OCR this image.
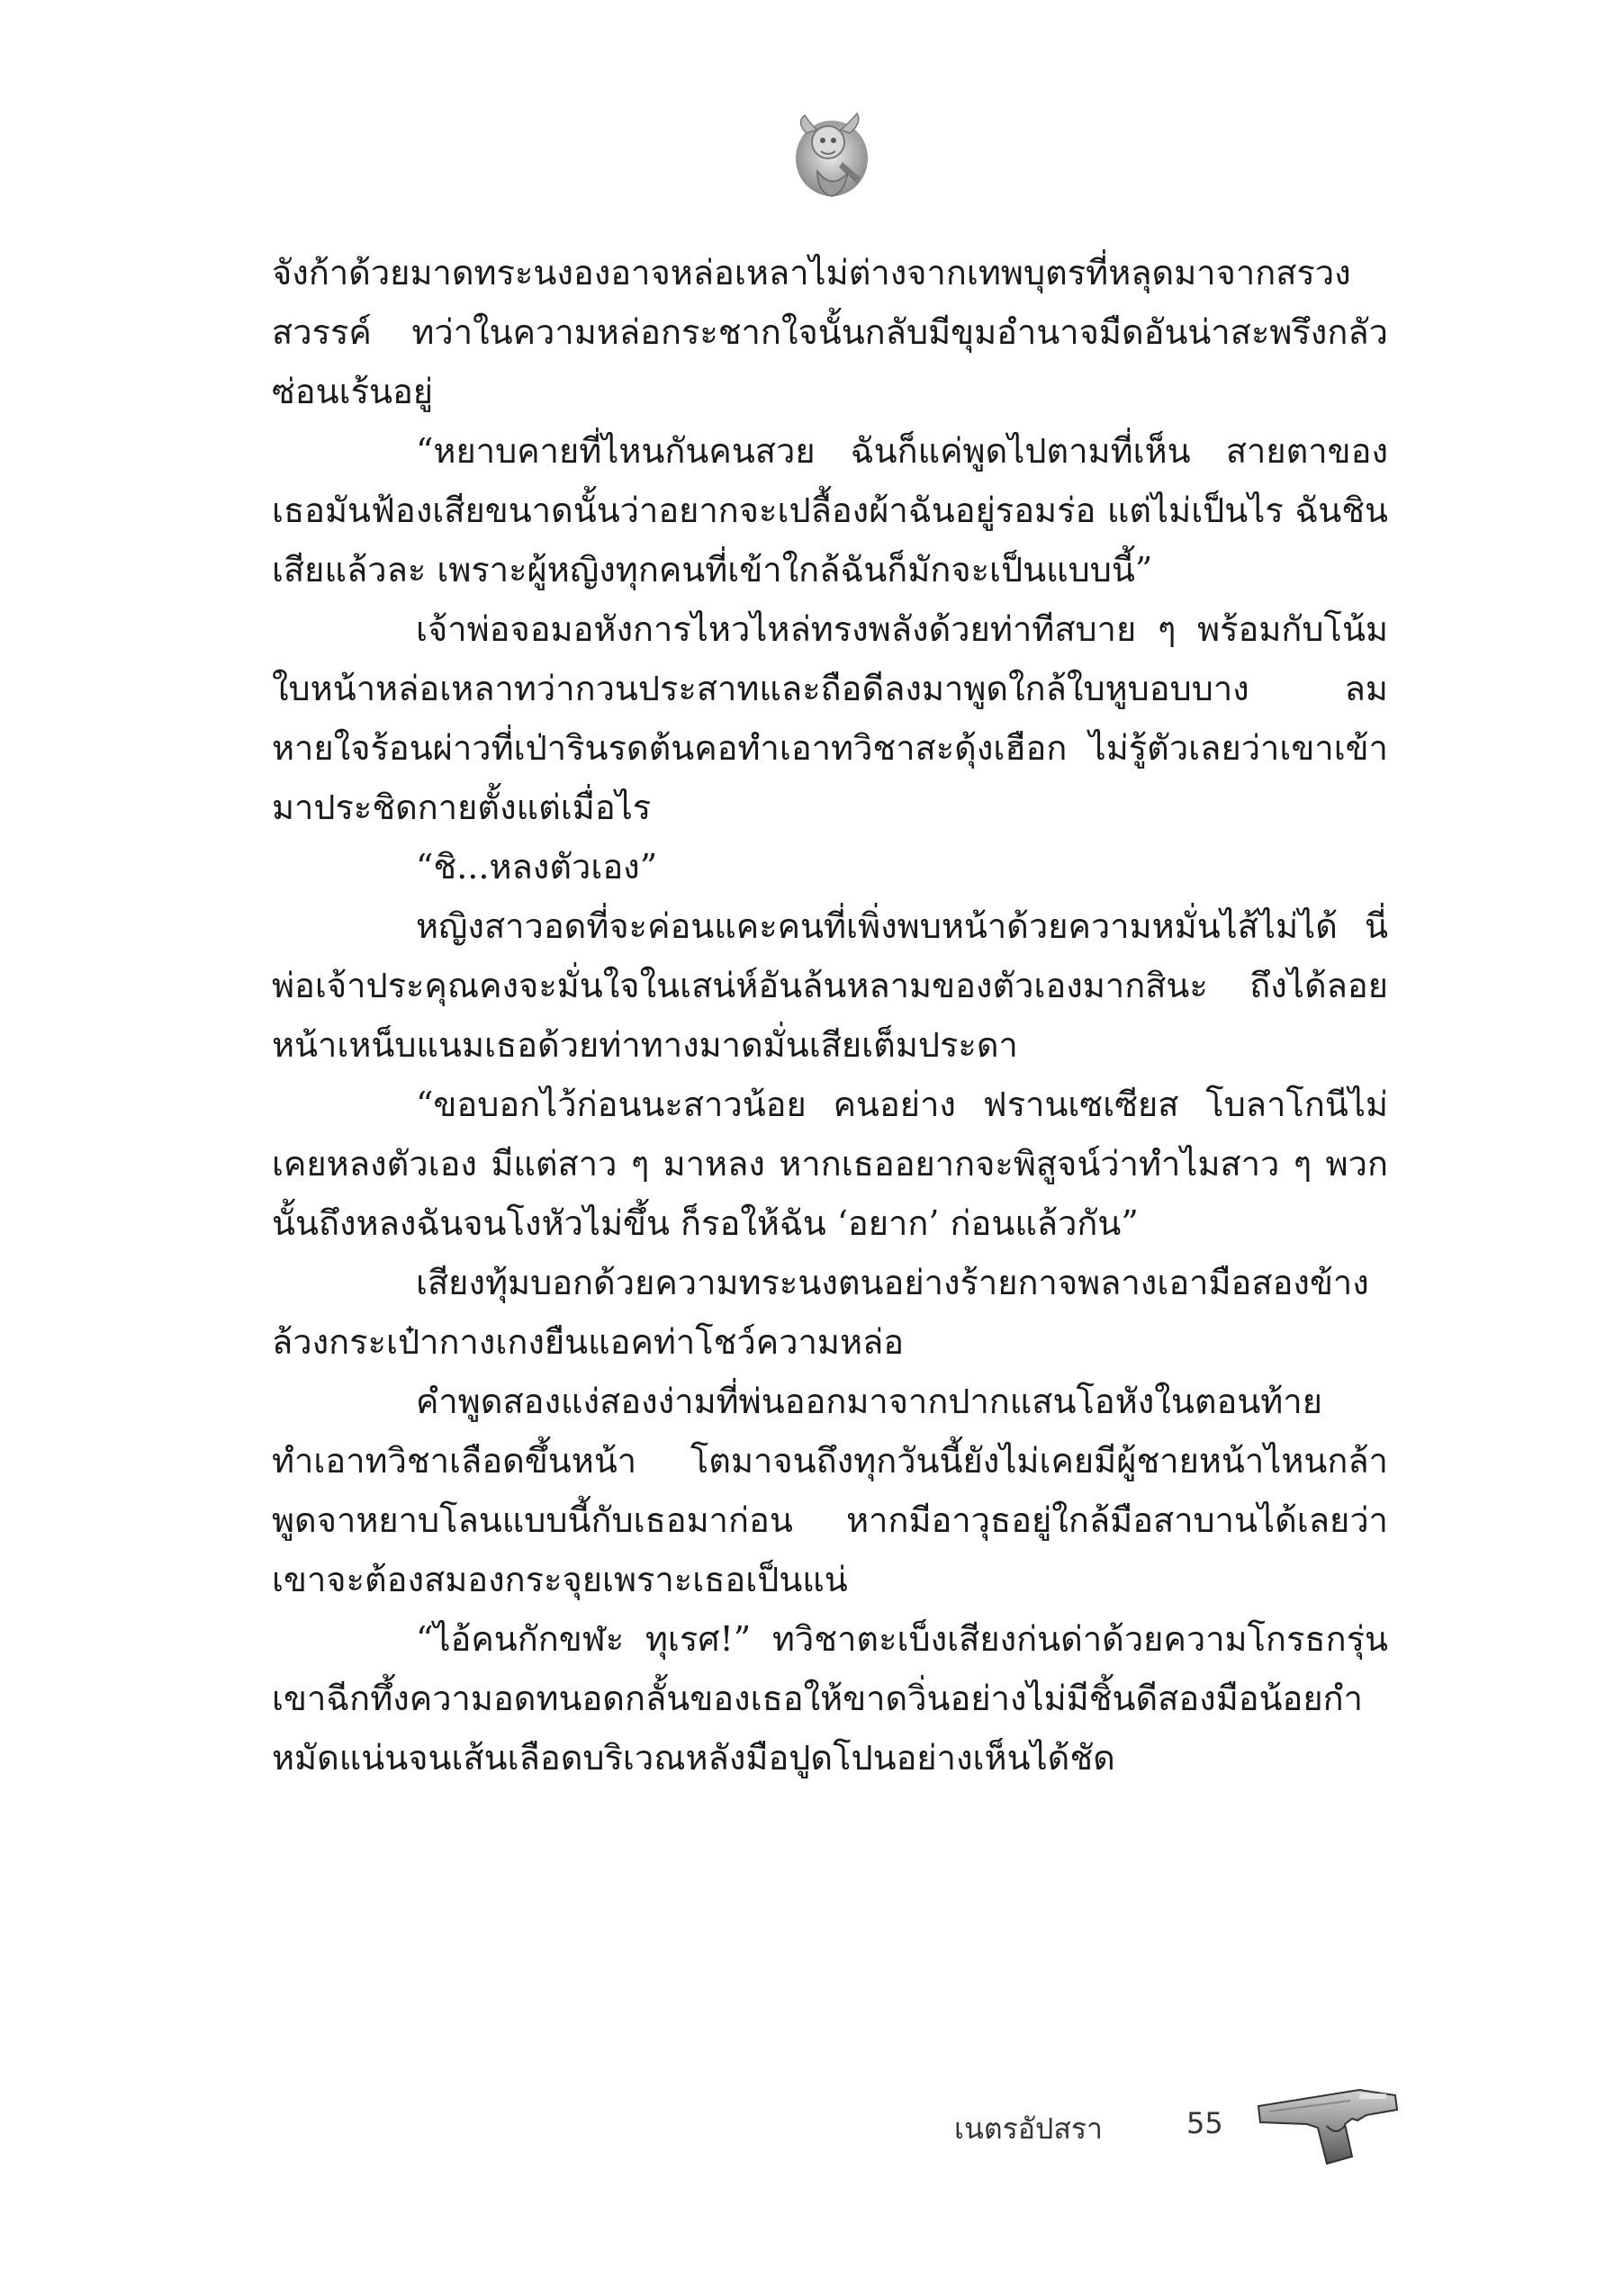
จังก้าด้วยมาดทระนงองอาจหล่อเหลาไม่ต่างจากเทพบุตรที่หลุดมาจากสรวงสวรรค์ ทว่าในความหล่อกระชากใจนั้นกลับมีขุมอำนาจมืดอันน่าสะพรึงกลัวซ่อนเร้นอยู่

“หยาบคายที่ไหนกันคนสวย ฉันก็แค่พูดไปตามที่เห็น สายตาของเธอมันฟ้องเสียขนาดนั้นว่าอยากจะเปลื้องผ้าฉันอยู่รอมร่อ แต่ไม่เป็นไร ฉันชินเสียแล้วละ เพราะผู้หญิงทุกคนที่เข้าใกล้ฉันก็มักจะเป็นแบบนี้”

เจ้าพ่อจอมอหังการไหวไหล่ทรงพลังด้วยท่าทีสบาย ๆ พร้อมกับโน้มใบหน้าหล่อเหลาทว่ากวนประสาทและถือดีลงมาพูดใกล้ใบหูบอบบาง ลมหายใจร้อนผ่าวที่เป่ารินรดต้นคอทำเอาทวิชาสะดุ้งเฮือก ไม่รู้ตัวเลยว่าเขาเข้ามาประชิดกายตั้งแต่เมื่อไร

“ชิ...หลงตัวเอง”

หญิงสาวอดที่จะค่อนแคะคนที่เพิ่งพบหน้าด้วยความหมั่นไส้ไม่ได้ นี่พ่อเจ้าประคุณคงจะมั่นใจในเสน่ห์อันล้นหลามของตัวเองมากสินะ ถึงได้ลอยหน้าเหน็บแนมเธอด้วยท่าทางมาดมั่นเสียเต็มประดา

“ขอบอกไว้ก่อนนะสาวน้อย คนอย่าง ฟรานเซเซียส โบลาโกนีไม่เคยหลงตัวเอง มีแต่สาว ๆ มาหลง หากเธออยากจะพิสูจน์ว่าทำไมสาว ๆ พวกนั้นถึงหลงฉันจนโงหัวไม่ขึ้น ก็รอให้ฉัน ‘อยาก’ ก่อนแล้วกัน”

เสียงทุ้มบอกด้วยความทระนงตนอย่างร้ายกาจพลางเอามือสองข้างล้วงกระเป๋ากางเกงยืนแอคท่าโชว์ความหล่อ

คำพูดสองแง่สองง่ามที่พ่นออกมาจากปากแสนโอหังในตอนท้ายทำเอาทวิชาเลือดขึ้นหน้า โตมาจนถึงทุกวันนี้ยังไม่เคยมีผู้ชายหน้าไหนกล้าพูดจาหยาบโลนแบบนี้กับเธอมาก่อน หากมีอาวุธอยู่ใกล้มือสาบานได้เลยว่าเขาจะต้องสมองกระจุยเพราะเธอเป็นแน่

“ไอ้คนกักขฬะ ทุเรศ!” ทวิชาตะเบ็งเสียงก่นด่าด้วยความโกรธกรุ่น เขาฉีกทึ้งความอดทนอดกลั้นของเธอให้ขาดวิ่นอย่างไม่มีชิ้นดีสองมือน้อยกำหมัดแน่นจนเส้นเลือดบริเวณหลังมือปูดโปนอย่างเห็นได้ชัด

เนตรอัปสรา	55
